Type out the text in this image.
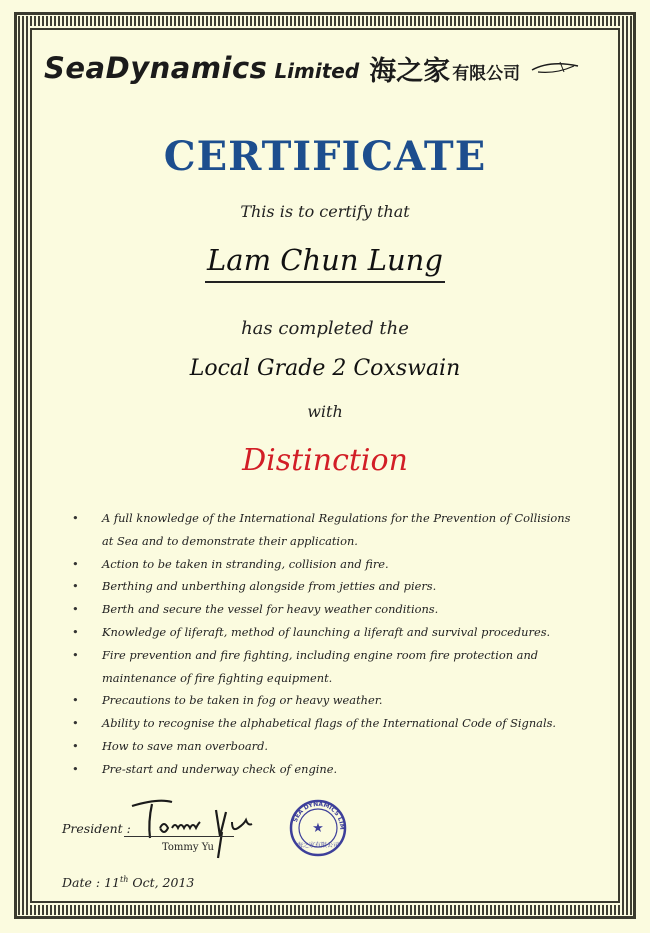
SeaDynamics Limited 海之家 有限公司
CERTIFICATE
This is to certify that
Lam Chun Lung
has completed the
Local Grade 2 Coxswain
with
Distinction
• A full knowledge of the International Regulations for the Prevention of Collisions at Sea and to demonstrate their application.
• Action to be taken in stranding, collision and fire.
• Berthing and unberthing alongside from jetties and piers.
• Berth and secure the vessel for heavy weather conditions.
• Knowledge of liferaft, method of launching a liferaft and survival procedures.
• Fire prevention and fire fighting, including engine room fire protection and maintenance of fire fighting equipment.
• Precautions to be taken in fog or heavy weather.
• Ability to recognise the alphabetical flags of the International Code of Signals.
• How to save man overboard.
• Pre-start and underway check of engine.
President :
Tommy Yu
SEA DYNAMICS LIM
★
海之家有限公司
Date : 11th Oct, 2013
